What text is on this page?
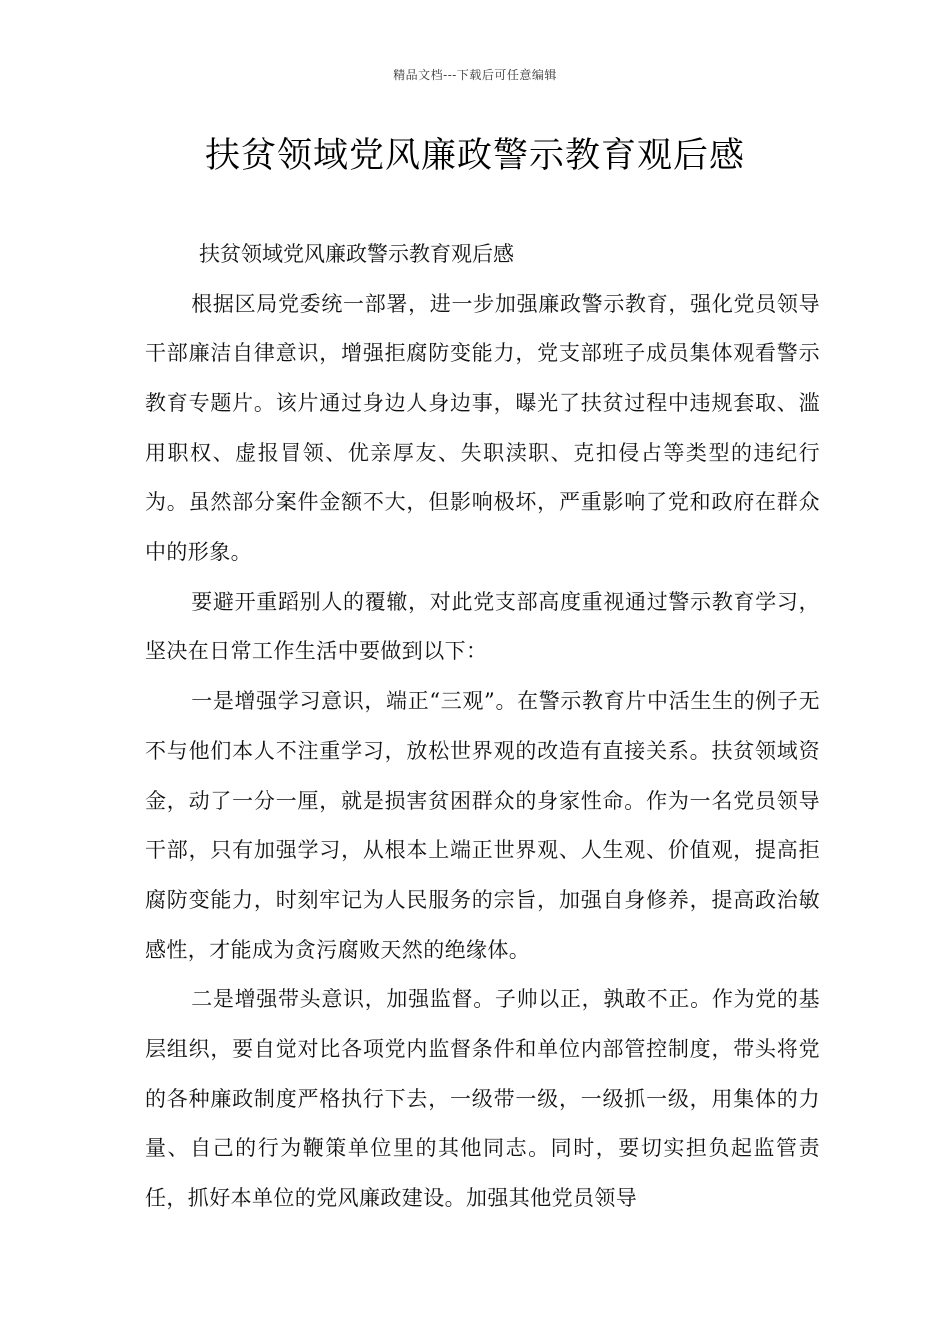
精品文档---下载后可任意编辑
扶贫领域党风廉政警示教育观后感

扶贫领域党风廉政警示教育观后感

根据区局党委统一部署，进一步加强廉政警示教育，强化党员领导干部廉洁自律意识，增强拒腐防变能力，党支部班子成员集体观看警示教育专题片。该片通过身边人身边事，曝光了扶贫过程中违规套取、滥用职权、虚报冒领、优亲厚友、失职渎职、克扣侵占等类型的违纪行为。虽然部分案件金额不大，但影响极坏，严重影响了党和政府在群众中的形象。

要避开重蹈别人的覆辙，对此党支部高度重视通过警示教育学习，坚决在日常工作生活中要做到以下：

一是增强学习意识，端正“三观”。在警示教育片中活生生的例子无不与他们本人不注重学习，放松世界观的改造有直接关系。扶贫领域资金，动了一分一厘，就是损害贫困群众的身家性命。作为一名党员领导干部，只有加强学习，从根本上端正世界观、人生观、价值观，提高拒腐防变能力，时刻牢记为人民服务的宗旨，加强自身修养，提高政治敏感性，才能成为贪污腐败天然的绝缘体。

二是增强带头意识，加强监督。子帅以正，孰敢不正。作为党的基层组织，要自觉对比各项党内监督条件和单位内部管控制度，带头将党的各种廉政制度严格执行下去，一级带一级，一级抓一级，用集体的力量、自己的行为鞭策单位里的其他同志。同时，要切实担负起监管责任，抓好本单位的党风廉政建设。加强其他党员领导
